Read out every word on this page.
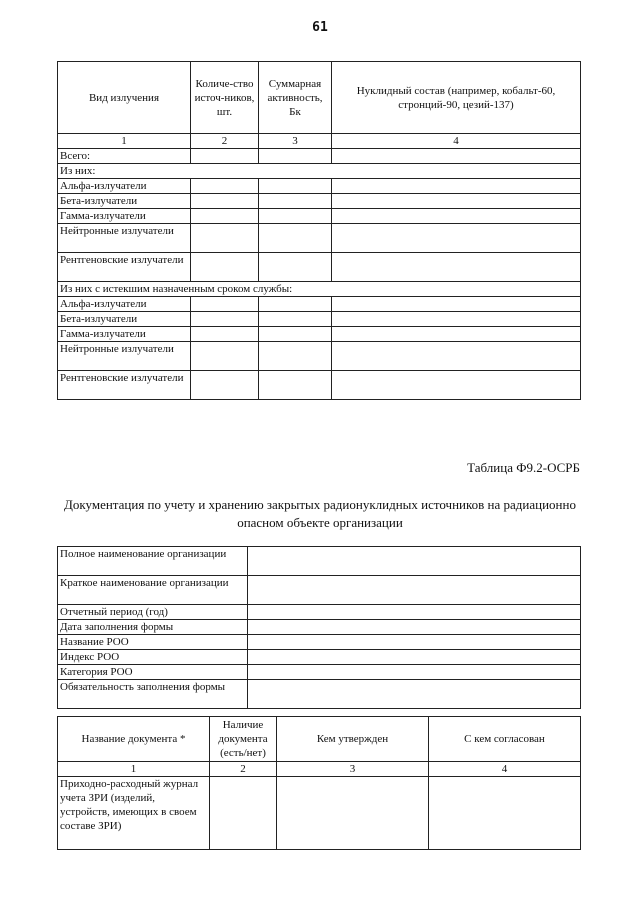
61
Вид излучения	Количе-ство источ-ников, шт.	Суммарная активность, Бк	Нуклидный состав (например, кобальт-60, стронций-90, цезий-137)
1	2	3	4
Всего:			
Из них:			
Альфа-излучатели			
Бета-излучатели			
Гамма-излучатели			
Нейтронные излучатели			
Рентгеновские излучатели			
Из них с истекшим назначенным сроком службы:			
Альфа-излучатели			
Бета-излучатели			
Гамма-излучатели			
Нейтронные излучатели			
Рентгеновские излучатели			
Таблица Ф9.2-ОСРБ
Документация по учету и хранению закрытых радионуклидных источников на радиационно опасном объекте организации
Полное наименование организации	
Краткое наименование организации	
Отчетный период (год)	
Дата заполнения формы	
Название РОО	
Индекс РОО	
Категория РОО	
Обязательность заполнения формы	
Название документа *	Наличие документа (есть/нет)	Кем утвержден	С кем согласован
1	2	3	4
Приходно-расходный журнал учета ЗРИ (изделий, устройств, имеющих в своем составе ЗРИ)			
